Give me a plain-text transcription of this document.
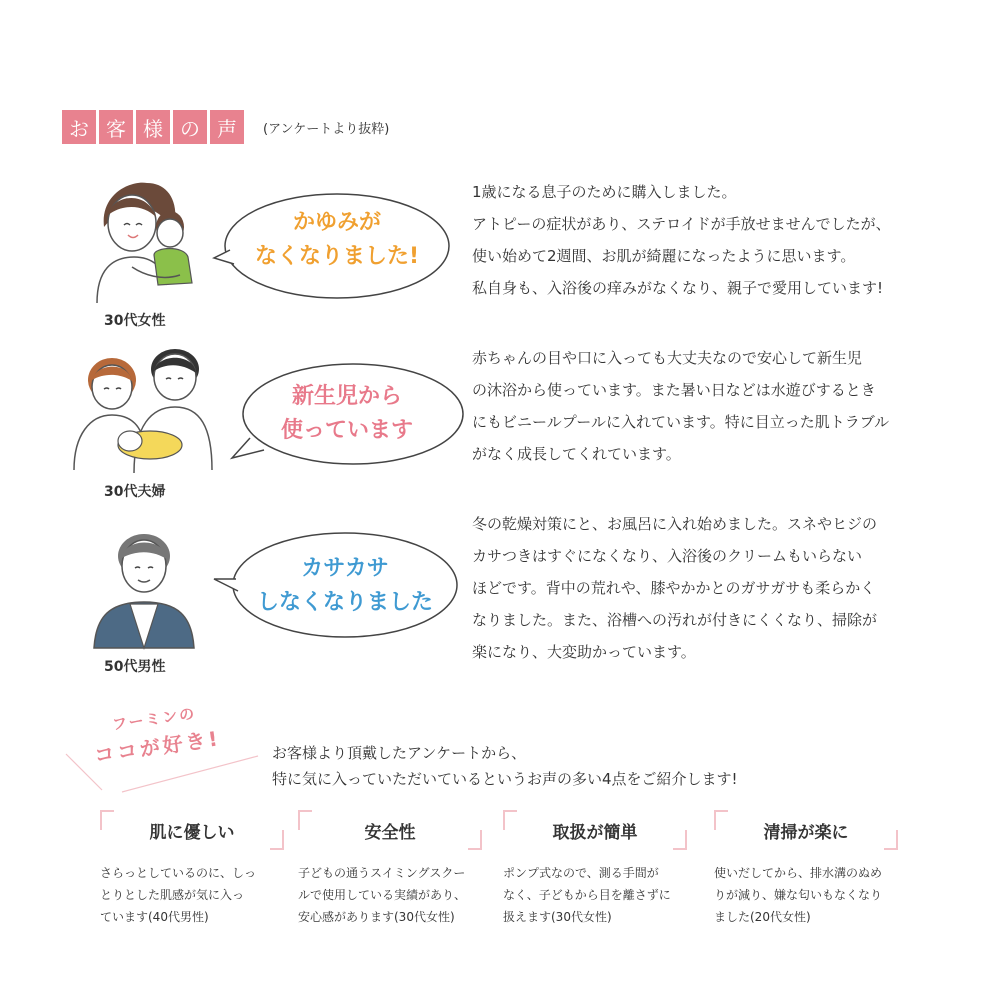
お 客 様 の 声	(アンケートより抜粋)
30代女性
かゆみが
なくなりました!

1歳になる息子のために購入しました。

アトピーの症状があり、ステロイドが手放せませんでしたが、

使い始めて2週間、お肌が綺麗になったように思います。

私自身も、入浴後の痒みがなくなり、親子で愛用しています!

30代夫婦
新生児から
使っています

赤ちゃんの目や口に入っても大丈夫なので安心して新生児

の沐浴から使っています。また暑い日などは水遊びするとき

にもビニールプールに入れています。特に目立った肌トラブル

がなく成長してくれています。

50代男性
カサカサ
しなくなりました

冬の乾燥対策にと、お風呂に入れ始めました。スネやヒジの

カサつきはすぐになくなり、入浴後のクリームもいらない

ほどです。背中の荒れや、膝やかかとのガサガサも柔らかく

なりました。また、浴槽への汚れが付きにくくなり、掃除が

楽になり、大変助かっています。

フーミンの
ココが好き!	お客様より頂戴したアンケートから、

特に気に入っていただいているというお声の多い4点をご紹介します!

肌に優しい

さらっとしているのに、しっ

とりとした肌感が気に入っ

ています(40代男性)

安全性

子どもの通うスイミングスクー

ルで使用している実績があり、

安心感があります(30代女性)

取扱が簡単

ポンプ式なので、測る手間が

なく、子どもから目を離さずに

扱えます(30代女性)

清掃が楽に

使いだしてから、排水溝のぬめ

りが減り、嫌な匂いもなくなり

ました(20代女性)
